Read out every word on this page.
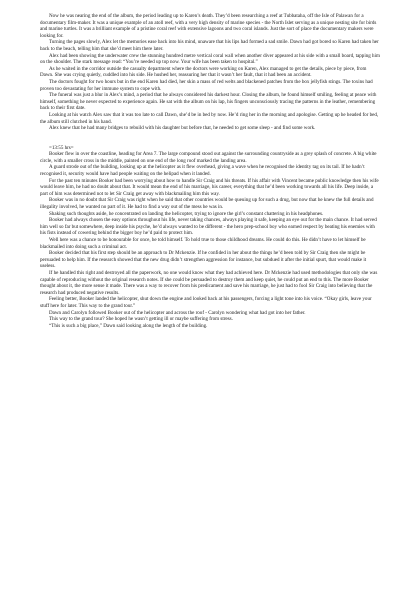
Now he was nearing the end of the album, the period leading up to Karen’s death. They’d been researching a reef at Tubbataha, off the Isle of Palawan for a documentary film-maker. It was a unique example of an atoll reef, with a very high density of marine species - the North Islet serving as a unique nesting site for birds and marine turtles. It was a brilliant example of a pristine coral reef with extensive lagoons and two coral islands. Just the sort of place the documentary makers were looking for.

Turning the pages slowly, Alex let the memories ease back into his mind, unaware that his lips had formed a sad smile. Dawn had got bored so Karen had taken her back to the beach, telling him that she’d meet him there later.

Alex had been showing the underwater crew the stunning hundred metre vertical coral wall when another diver appeared at his side with a small board, tapping him on the shoulder. The stark message read: “You’re needed up top now. Your wife has been taken to hospital.”

As he waited in the corridor outside the casualty department where the doctors were working on Karen, Alex managed to get the details, piece by piece, from Dawn. She was crying quietly, cuddled into his side. He hushed her, reassuring her that it wasn’t her fault, that it had been an accident.

The doctors fought for two hours but in the end Karen had died, her skin a mass of red welts and blackened patches from the box jellyfish stings. The toxins had proven too devastating for her immune system to cope with.

The funeral was just a blur in Alex’s mind, a period that he always considered his darkest hour. Closing the album, he found himself smiling, feeling at peace with himself, something he never expected to experience again. He sat with the album on his lap, his fingers unconsciously tracing the patterns in the leather, remembering back to their first date.

Looking at his watch Alex saw that it was too late to call Dawn, she’d be in bed by now. He’d ring her in the morning and apologise. Getting up he headed for bed, the album still clutched in his hand.

Alex knew that he had many bridges to rebuild with his daughter but before that, he needed to get some sleep - and find some work.

=13:55 hrs=

Booker flew in over the coastline, heading for Area 7. The large compound stood out against the surrounding countryside as a grey splash of concrete. A big white circle, with a smaller cross in the middle, painted on one end of the long roof marked the landing area.

A guard strode out of the building, looking up at the helicopter as it flew overhead, giving a wave when he recognised the identity tag on its tail. If he hadn’t recognised it, security would have had people waiting on the helipad when it landed.

For the past ten minutes Booker had been worrying about how to handle Sir Craig and his threats. If his affair with Vincent became public knowledge then his wife would leave him, he had no doubt about that. It would mean the end of his marriage, his career, everything that he’d been working towards all his life. Deep inside, a part of him was determined not to let Sir Craig get away with blackmailing him this way.

Booker was in no doubt that Sir Craig was right when he said that other countries would be queuing up for such a drug, but now that he knew the full details and illegality involved, he wanted no part of it. He had to find a way out of the mess he was in.

Shaking such thoughts aside, he concentrated on landing the helicopter, trying to ignore the girl’s constant chattering in his headphones.

Booker had always chosen the easy options throughout his life, never taking chances, always playing it safe, keeping an eye out for the main chance. It had served him well so far but somewhere, deep inside his psyche, he’d always wanted to be different - the hero prep-school boy who earned respect by beating his enemies with his fists instead of cowering behind the bigger boy he’d paid to protect him.

Well here was a chance to be honourable for once, he told himself. To hold true to those childhood dreams. He could do this. He didn’t have to let himself be blackmailed into doing such a criminal act.

Booker decided that his first step should be an approach to Dr Mckenzie. If he confided in her about the things he’d been told by Sir Craig then she might be persuaded to help him. If the research showed that the new drug didn’t strengthen aggression for instance, but subdued it after the initial spurt, that would make it useless.

If he handled this right and destroyed all the paperwork, no one would know what they had achieved here. Dr Mckenzie had used methodologies that only she was capable of reproducing without the original research notes. If she could be persuaded to destroy them and keep quiet, he could put an end to this. The more Booker thought about it, the more sense it made. There was a way to recover from his predicament and save his marriage, he just had to fool Sir Craig into believing that the research had produced negative results.

Feeling better, Booker landed the helicopter, shut down the engine and looked back at his passengers, forcing a light tone into his voice. “Okay girls, leave your stuff here for later. This way to the grand tour.”

Dawn and Carolyn followed Booker out of the helicopter and across the roof - Carolyn wondering what had got into her father.

This way to the grand tour? She hoped he wasn’t getting ill or maybe suffering from stress.

“This is such a big place,” Dawn said looking along the length of the building.
